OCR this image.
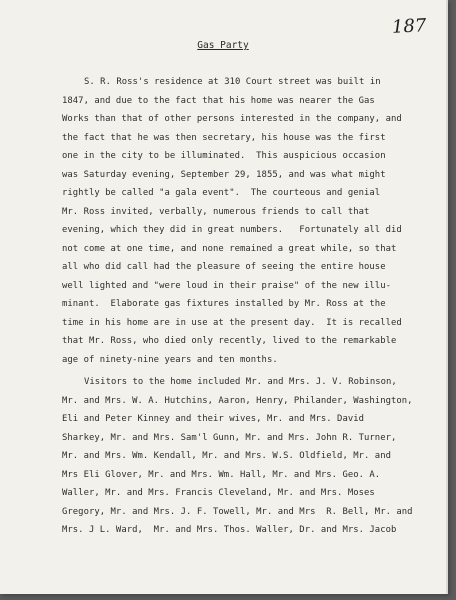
187
Gas Party
S. R. Ross's residence at 310 Court street was built in
1847, and due to the fact that his home was nearer the Gas
Works than that of other persons interested in the company, and
the fact that he was then secretary, his house was the first
one in the city to be illuminated.  This auspicious occasion
was Saturday evening, September 29, 1855, and was what might
rightly be called "a gala event".  The courteous and genial
Mr. Ross invited, verbally, numerous friends to call that
evening, which they did in great numbers.   Fortunately all did
not come at one time, and none remained a great while, so that
all who did call had the pleasure of seeing the entire house
well lighted and "were loud in their praise" of the new illu-
minant.  Elaborate gas fixtures installed by Mr. Ross at the
time in his home are in use at the present day.  It is recalled
that Mr. Ross, who died only recently, lived to the remarkable
age of ninety-nine years and ten months.
Visitors to the home included Mr. and Mrs. J. V. Robinson,
Mr. and Mrs. W. A. Hutchins, Aaron, Henry, Philander, Washington,
Eli and Peter Kinney and their wives, Mr. and Mrs. David
Sharkey, Mr. and Mrs. Sam'l Gunn, Mr. and Mrs. John R. Turner,
Mr. and Mrs. Wm. Kendall, Mr. and Mrs. W.S. Oldfield, Mr. and
Mrs Eli Glover, Mr. and Mrs. Wm. Hall, Mr. and Mrs. Geo. A.
Waller, Mr. and Mrs. Francis Cleveland, Mr. and Mrs. Moses
Gregory, Mr. and Mrs. J. F. Towell, Mr. and Mrs  R. Bell, Mr. and
Mrs. J L. Ward,  Mr. and Mrs. Thos. Waller, Dr. and Mrs. Jacob
